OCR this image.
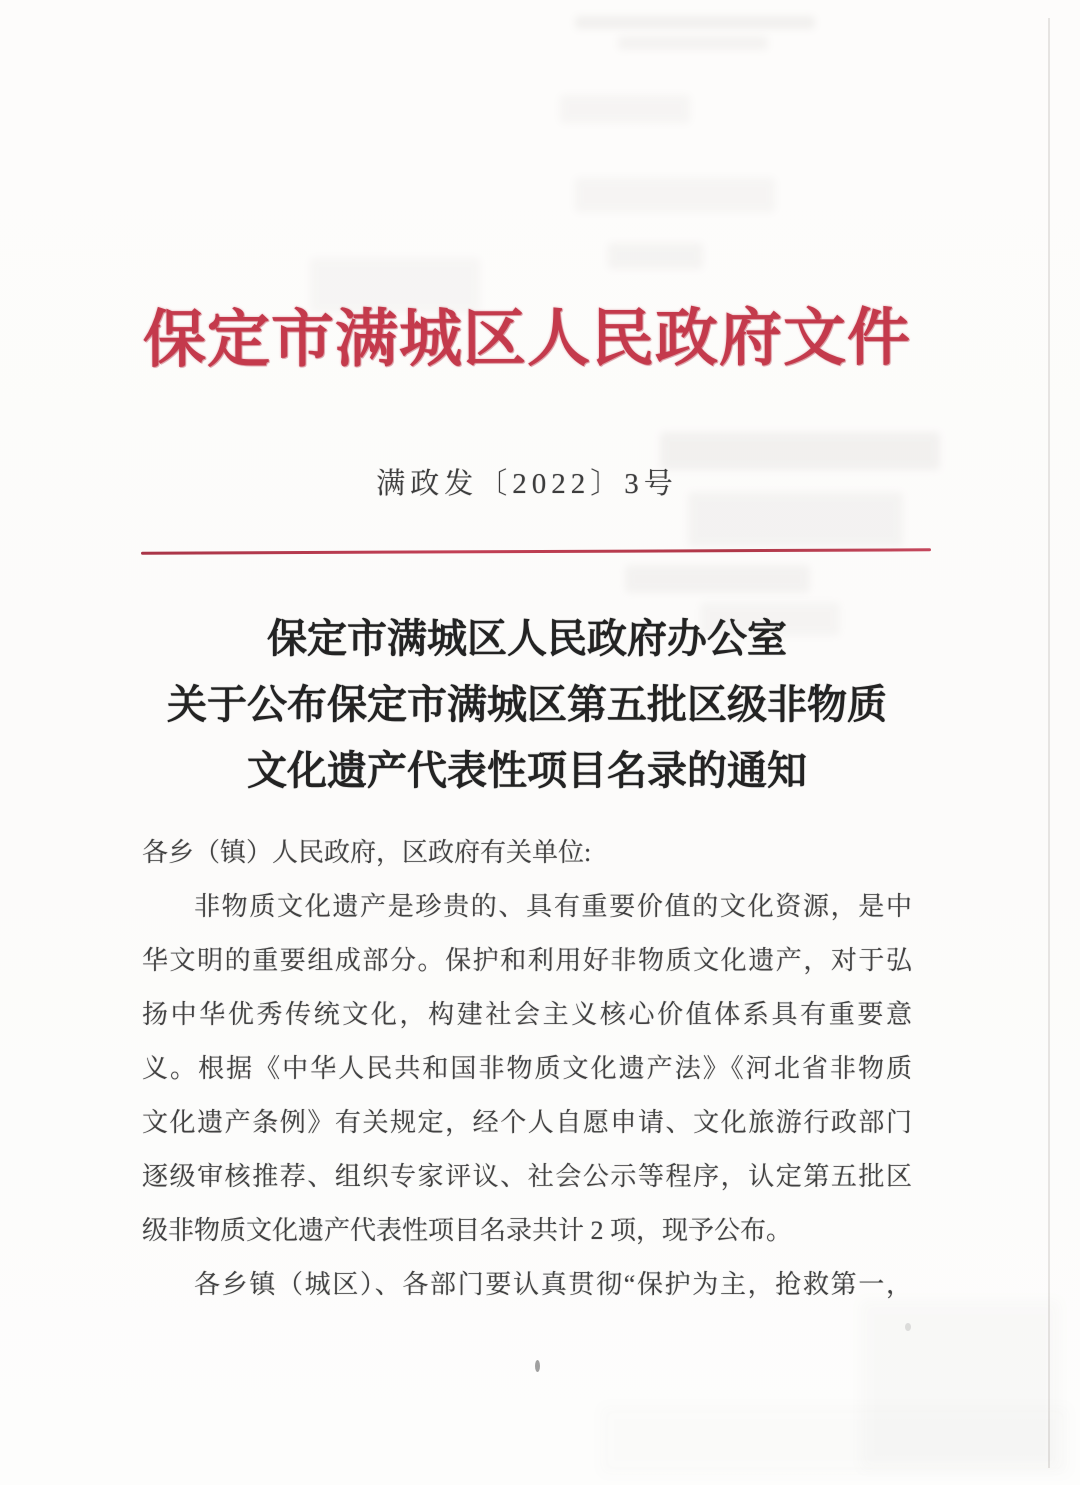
保定市满城区人民政府文件
满政发〔2022〕3号
保定市满城区人民政府办公室
关于公布保定市满城区第五批区级非物质
文化遗产代表性项目名录的通知
各乡（镇）人民政府，区政府有关单位:
非物质文化遗产是珍贵的、具有重要价值的文化资源，是中
华文明的重要组成部分。保护和利用好非物质文化遗产，对于弘
扬中华优秀传统文化，构建社会主义核心价值体系具有重要意
义。根据《中华人民共和国非物质文化遗产法》《河北省非物质
文化遗产条例》有关规定，经个人自愿申请、文化旅游行政部门
逐级审核推荐、组织专家评议、社会公示等程序，认定第五批区
级非物质文化遗产代表性项目名录共计 2 项，现予公布。
各乡镇（城区）、各部门要认真贯彻“保护为主，抢救第一，
